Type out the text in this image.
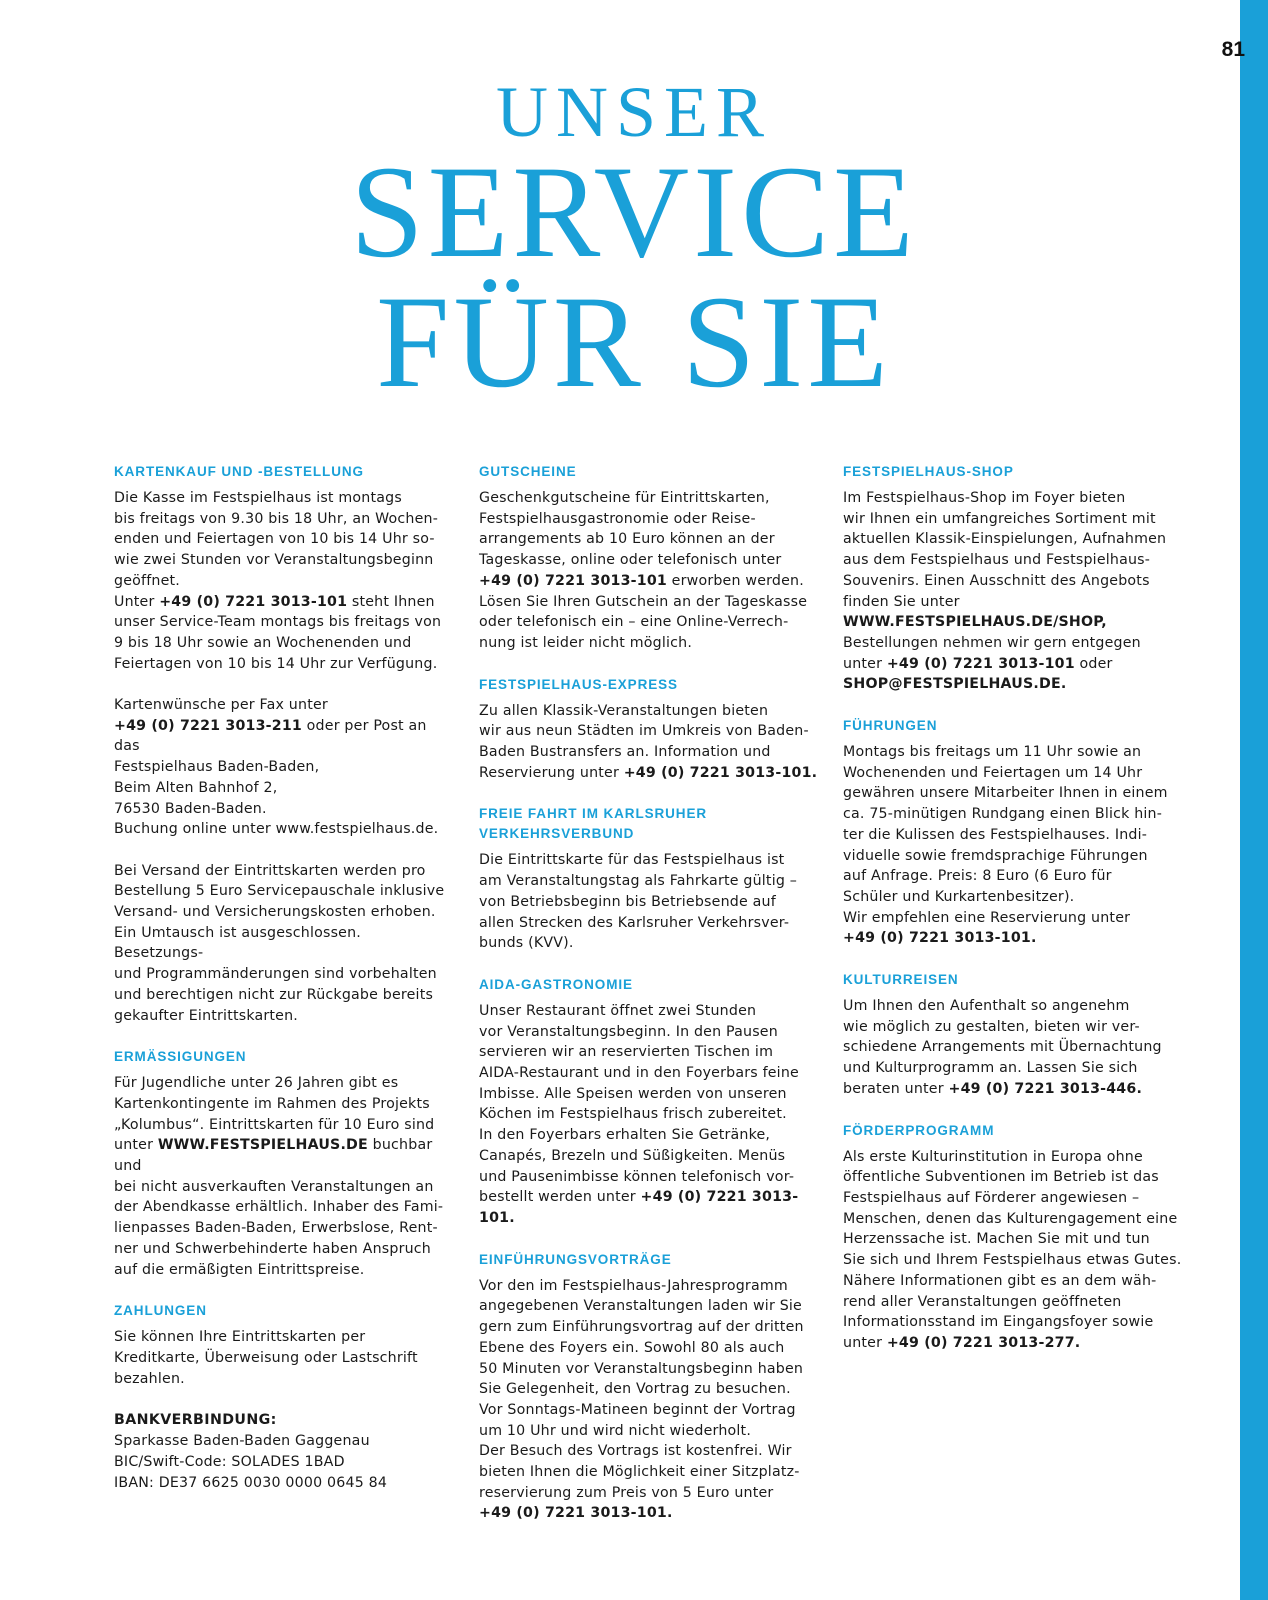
81
UNSER
SERVICE
FÜR SIE
KARTENKAUF UND -BESTELLUNG

Die Kasse im Festspielhaus ist montags
bis freitags von 9.30 bis 18 Uhr, an Wochen-
enden und Feiertagen von 10 bis 14 Uhr so-
wie zwei Stunden vor Veranstaltungsbeginn
geöffnet.
Unter +49 (0) 7221 3013-101 steht Ihnen
unser Service-Team montags bis freitags von
9 bis 18 Uhr sowie an Wochenenden und
Feiertagen von 10 bis 14 Uhr zur Verfügung.

Kartenwünsche per Fax unter
+49 (0) 7221 3013-211 oder per Post an das
Festspielhaus Baden-Baden,
Beim Alten Bahnhof 2,
76530 Baden-Baden.
Buchung online unter www.festspielhaus.de.

Bei Versand der Eintrittskarten werden pro
Bestellung 5 Euro Servicepauschale inklusive
Versand- und Versicherungskosten erhoben.
Ein Umtausch ist ausgeschlossen. Besetzungs-
und Programmänderungen sind vorbehalten
und berechtigen nicht zur Rückgabe bereits
gekaufter Eintrittskarten.

ERMÄSSIGUNGEN

Für Jugendliche unter 26 Jahren gibt es
Kartenkontingente im Rahmen des Projekts
„Kolumbus“. Eintrittskarten für 10 Euro sind
unter WWW.FESTSPIELHAUS.DE buchbar und
bei nicht ausverkauften Veranstaltungen an
der Abendkasse erhältlich. Inhaber des Fami-
lienpasses Baden-Baden, Erwerbslose, Rent-
ner und Schwerbehinderte haben Anspruch
auf die ermäßigten Eintrittspreise.

ZAHLUNGEN

Sie können Ihre Eintrittskarten per
Kreditkarte, Überweisung oder Lastschrift
bezahlen.

BANKVERBINDUNG:

Sparkasse Baden-Baden Gaggenau
BIC/Swift-Code: SOLADES 1BAD
IBAN: DE37 6625 0030 0000 0645 84

GUTSCHEINE

Geschenkgutscheine für Eintrittskarten,
Festspielhausgastronomie oder Reise-
arrangements ab 10 Euro können an der
Tageskasse, online oder telefonisch unter
+49 (0) 7221 3013-101 erworben werden.
Lösen Sie Ihren Gutschein an der Tageskasse
oder telefonisch ein – eine Online-Verrech-
nung ist leider nicht möglich.

FESTSPIELHAUS-EXPRESS

Zu allen Klassik-Veranstaltungen bieten
wir aus neun Städten im Umkreis von Baden-
Baden Bustransfers an. Information und
Reservierung unter +49 (0) 7221 3013-101.

FREIE FAHRT IM KARLSRUHER
VERKEHRSVERBUND

Die Eintrittskarte für das Festspielhaus ist
am Veranstaltungstag als Fahrkarte gültig –
von Betriebsbeginn bis Betriebsende auf
allen Strecken des Karlsruher Verkehrsver-
bunds (KVV).

AIDA-GASTRONOMIE

Unser Restaurant öffnet zwei Stunden
vor Veranstaltungsbeginn. In den Pausen
servieren wir an reservierten Tischen im
AIDA-Restaurant und in den Foyerbars feine
Imbisse. Alle Speisen werden von unseren
Köchen im Festspielhaus frisch zubereitet.
In den Foyerbars erhalten Sie Getränke,
Canapés, Brezeln und Süßigkeiten. Menüs
und Pausenimbisse können telefonisch vor-
bestellt werden unter +49 (0) 7221 3013-101.

EINFÜHRUNGSVORTRÄGE

Vor den im Festspielhaus-Jahresprogramm
angegebenen Veranstaltungen laden wir Sie
gern zum Einführungsvortrag auf der dritten
Ebene des Foyers ein. Sowohl 80 als auch
50 Minuten vor Veranstaltungsbeginn haben
Sie Gelegenheit, den Vortrag zu besuchen.
Vor Sonntags-Matineen beginnt der Vortrag
um 10 Uhr und wird nicht wiederholt.
Der Besuch des Vortrags ist kostenfrei. Wir
bieten Ihnen die Möglichkeit einer Sitzplatz-
reservierung zum Preis von 5 Euro unter
+49 (0) 7221 3013-101.

FESTSPIELHAUS-SHOP

Im Festspielhaus-Shop im Foyer bieten
wir Ihnen ein umfangreiches Sortiment mit
aktuellen Klassik-Einspielungen, Aufnahmen
aus dem Festspielhaus und Festspielhaus-
Souvenirs. Einen Ausschnitt des Angebots
finden Sie unter
WWW.FESTSPIELHAUS.DE/SHOP,
Bestellungen nehmen wir gern entgegen
unter +49 (0) 7221 3013-101 oder
SHOP@FESTSPIELHAUS.DE.

FÜHRUNGEN

Montags bis freitags um 11 Uhr sowie an
Wochenenden und Feiertagen um 14 Uhr
gewähren unsere Mitarbeiter Ihnen in einem
ca. 75-minütigen Rundgang einen Blick hin-
ter die Kulissen des Festspielhauses. Indi-
viduelle sowie fremdsprachige Führungen
auf Anfrage. Preis: 8 Euro (6 Euro für
Schüler und Kurkartenbesitzer).
Wir empfehlen eine Reservierung unter
+49 (0) 7221 3013-101.

KULTURREISEN

Um Ihnen den Aufenthalt so angenehm
wie möglich zu gestalten, bieten wir ver-
schiedene Arrangements mit Übernachtung
und Kulturprogramm an. Lassen Sie sich
beraten unter +49 (0) 7221 3013-446.

FÖRDERPROGRAMM

Als erste Kulturinstitution in Europa ohne
öffentliche Subventionen im Betrieb ist das
Festspielhaus auf Förderer angewiesen –
Menschen, denen das Kulturengagement eine
Herzenssache ist. Machen Sie mit und tun
Sie sich und Ihrem Festspielhaus etwas Gutes.
Nähere Informationen gibt es an dem wäh-
rend aller Veranstaltungen geöffneten
Informationsstand im Eingangsfoyer sowie
unter +49 (0) 7221 3013-277.
